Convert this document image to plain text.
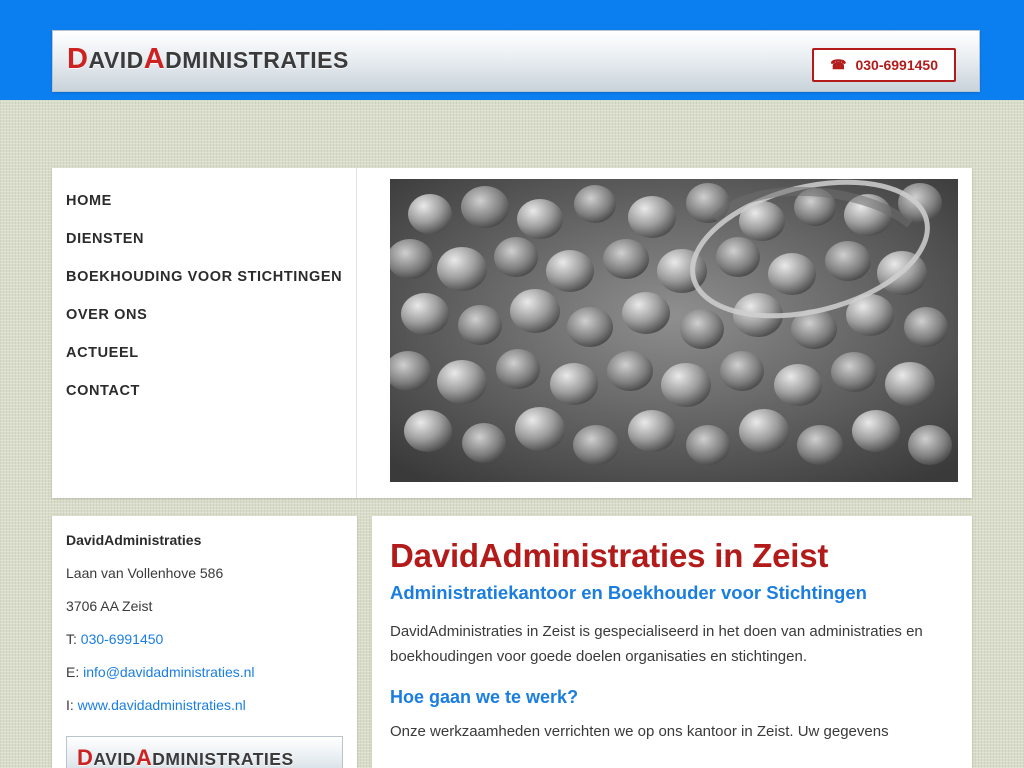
DAVIDADMINISTRATIES	☎ 030-6991450
HOME
DIENSTEN
BOEKHOUDING VOOR STICHTINGEN
OVER ONS
ACTUEEL
CONTACT
DavidAdministraties
Laan van Vollenhove 586
3706 AA Zeist
T: 030-6991450
E: info@davidadministraties.nl
I: www.davidadministraties.nl
DAVIDADMINISTRATIES
DavidAdministraties in Zeist
Administratiekantoor en Boekhouder voor Stichtingen

DavidAdministraties in Zeist is gespecialiseerd in het doen van administraties en boekhoudingen voor goede doelen organisaties en stichtingen.

Hoe gaan we te werk?

Onze werkzaamheden verrichten we op ons kantoor in Zeist. Uw gegevens
